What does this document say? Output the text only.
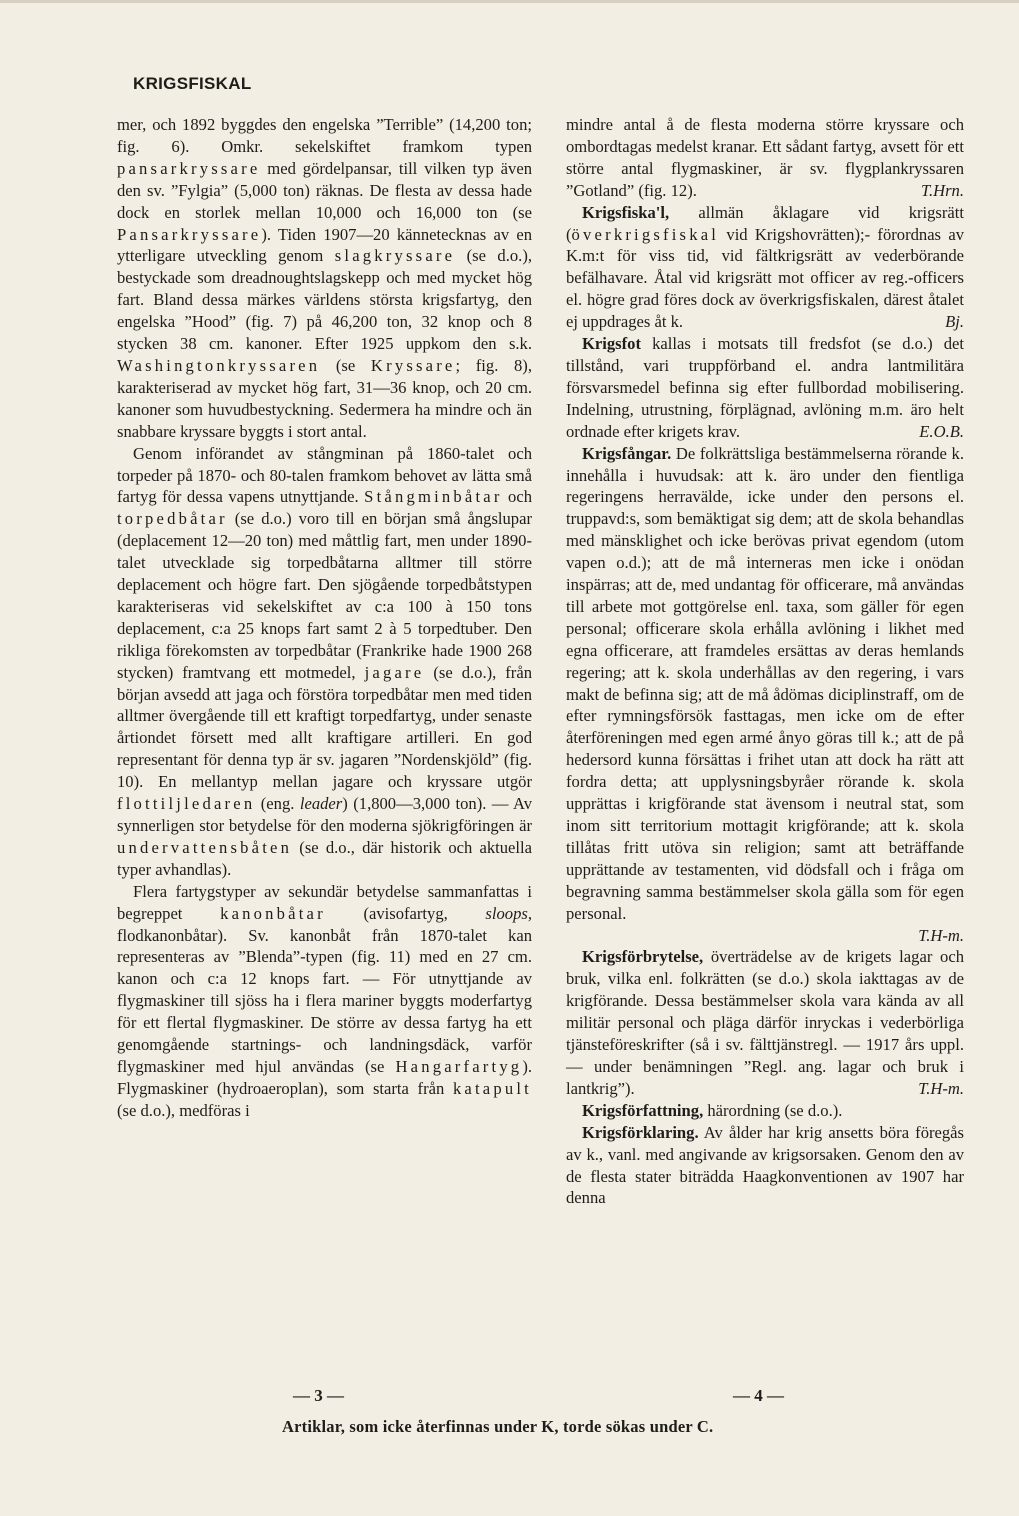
KRIGSFISKAL

mer, och 1892 byggdes den engelska ”Terrible” (14,200 ton; fig. 6). Omkr. sekelskiftet framkom typen pansarkryssare med gördelpansar, till vilken typ även den sv. ”Fylgia” (5,000 ton) räknas. De flesta av dessa hade dock en storlek mellan 10,000 och 16,000 ton (se Pansarkryssare). Tiden 1907—20 kännetecknas av en ytterligare utveckling genom slagkryssare (se d.o.), bestyckade som dreadnoughtslagskepp och med mycket hög fart. Bland dessa märkes världens största krigsfartyg, den engelska ”Hood” (fig. 7) på 46,200 ton, 32 knop och 8 stycken 38 cm. kanoner. Efter 1925 uppkom den s.k. Washingtonkryssaren (se Kryssare; fig. 8), karakteriserad av mycket hög fart, 31—36 knop, och 20 cm. kanoner som huvudbestyckning. Sedermera ha mindre och än snabbare kryssare byggts i stort antal.

Genom införandet av stångminan på 1860-talet och torpeder på 1870- och 80-talen framkom behovet av lätta små fartyg för dessa vapens utnyttjande. Stångminbåtar och torpedbåtar (se d.o.) voro till en början små ångslupar (deplacement 12—20 ton) med måttlig fart, men under 1890-talet utvecklade sig torpedbåtarna alltmer till större deplacement och högre fart. Den sjögående torpedbåtstypen karakteriseras vid sekelskiftet av c:a 100 à 150 tons deplacement, c:a 25 knops fart samt 2 à 5 torpedtuber. Den rikliga förekomsten av torpedbåtar (Frankrike hade 1900 268 stycken) framtvang ett motmedel, jagare (se d.o.), från början avsedd att jaga och förstöra torpedbåtar men med tiden alltmer övergående till ett kraftigt torpedfartyg, under senaste årtiondet försett med allt kraftigare artilleri. En god representant för denna typ är sv. jagaren ”Nordenskjöld” (fig. 10). En mellantyp mellan jagare och kryssare utgör flottiljledaren (eng. leader) (1,800—3,000 ton). — Av synnerligen stor betydelse för den moderna sjökrigföringen är undervattensbåten (se d.o., där historik och aktuella typer avhandlas).

Flera fartygstyper av sekundär betydelse sammanfattas i begreppet kanonbåtar (avisofartyg, sloops, flodkanonbåtar). Sv. kanonbåt från 1870-talet kan representeras av ”Blenda”-typen (fig. 11) med en 27 cm. kanon och c:a 12 knops fart. — För utnyttjande av flygmaskiner till sjöss ha i flera mariner byggts moderfartyg för ett flertal flygmaskiner. De större av dessa fartyg ha ett genomgående startnings- och landningsdäck, varför flygmaskiner med hjul användas (se Hangarfartyg). Flygmaskiner (hydroaeroplan), som starta från katapult (se d.o.), medföras i

mindre antal å de flesta moderna större kryssare och ombordtagas medelst kranar. Ett sådant fartyg, avsett för ett större antal flygmaskiner, är sv. flygplankryssaren ”Gotland” (fig. 12).	T.Hrn.

Krigsfiska'l, allmän åklagare vid krigsrätt (överkrigsfiskal vid Krigshovrätten);- förordnas av K.m:t för viss tid, vid fältkrigsrätt av vederbörande befälhavare. Åtal vid krigsrätt mot officer av reg.-officers el. högre grad föres dock av överkrigsfiskalen, därest åtalet ej uppdrages åt k.	Bj.

Krigsfot kallas i motsats till fredsfot (se d.o.) det tillstånd, vari truppförband el. andra lantmilitära försvarsmedel befinna sig efter fullbordad mobilisering. Indelning, utrustning, förplägnad, avlöning m.m. äro helt ordnade efter krigets krav.	E.O.B.

Krigsfångar. De folkrättsliga bestämmelserna rörande k. innehålla i huvudsak: att k. äro under den fientliga regeringens herravälde, icke under den persons el. truppavd:s, som bemäktigat sig dem; att de skola behandlas med mänsklighet och icke berövas privat egendom (utom vapen o.d.); att de må interneras men icke i onödan inspärras; att de, med undantag för officerare, må användas till arbete mot gottgörelse enl. taxa, som gäller för egen personal; officerare skola erhålla avlöning i likhet med egna officerare, att framdeles ersättas av deras hemlands regering; att k. skola underhållas av den regering, i vars makt de befinna sig; att de må ådömas diciplinstraff, om de efter rymningsförsök fasttagas, men icke om de efter återföreningen med egen armé ånyo göras till k.; att de på hedersord kunna försättas i frihet utan att dock ha rätt att fordra detta; att upplysningsbyråer rörande k. skola upprättas i krigförande stat ävensom i neutral stat, som inom sitt territorium mottagit krigförande; att k. skola tillåtas fritt utöva sin religion; samt att beträffande upprättande av testamenten, vid dödsfall och i fråga om begravning samma bestämmelser skola gälla som för egen personal.
T.H-m.

Krigsförbrytelse, överträdelse av de krigets lagar och bruk, vilka enl. folkrätten (se d.o.) skola iakttagas av de krigförande. Dessa bestämmelser skola vara kända av all militär personal och pläga därför inryckas i vederbörliga tjänsteföreskrifter (så i sv. fälttjänstregl. — 1917 års uppl. — under benämningen ”Regl. ang. lagar och bruk i lantkrig”).	T.H-m.

Krigsförfattning, härordning (se d.o.).

Krigsförklaring. Av ålder har krig ansetts böra föregås av k., vanl. med angivande av krigsorsaken. Genom den av de flesta stater biträdda Haagkonventionen av 1907 har denna

— 3 —	— 4 —
Artiklar, som icke återfinnas under K, torde sökas under C.
